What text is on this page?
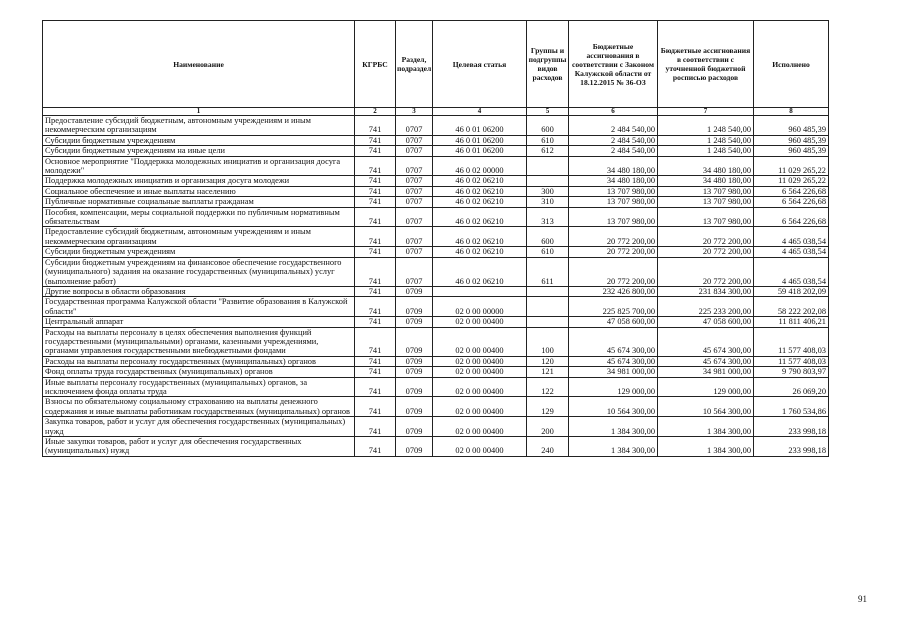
Наименование	КГРБС	Раздел, подраздел	Целевая статья	Группы и подгруппы видов расходов	Бюджетные ассигнования в соответствии с Законом Калужской области от 18.12.2015 № 36-ОЗ	Бюджетные ассигнования в соответствии с уточненной бюджетной росписью расходов	Исполнено
1	2	3	4	5	6	7	8
Предоставление субсидий бюджетным, автономным учреждениям и иным некоммерческим организациям	741	0707	46 0 01 06200	600	2 484 540,00	1 248 540,00	960 485,39
Субсидии бюджетным учреждениям	741	0707	46 0 01 06200	610	2 484 540,00	1 248 540,00	960 485,39
Субсидии бюджетным учреждениям на иные цели	741	0707	46 0 01 06200	612	2 484 540,00	1 248 540,00	960 485,39
Основное мероприятие "Поддержка молодежных инициатив и организация досуга молодежи"	741	0707	46 0 02 00000		34 480 180,00	34 480 180,00	11 029 265,22
Поддержка молодежных инициатив и организация досуга молодежи	741	0707	46 0 02 06210		34 480 180,00	34 480 180,00	11 029 265,22
Социальное обеспечение и иные выплаты населению	741	0707	46 0 02 06210	300	13 707 980,00	13 707 980,00	6 564 226,68
Публичные нормативные социальные выплаты гражданам	741	0707	46 0 02 06210	310	13 707 980,00	13 707 980,00	6 564 226,68
Пособия, компенсации, меры социальной поддержки по публичным нормативным обязательствам	741	0707	46 0 02 06210	313	13 707 980,00	13 707 980,00	6 564 226,68
Предоставление субсидий бюджетным, автономным учреждениям и иным некоммерческим организациям	741	0707	46 0 02 06210	600	20 772 200,00	20 772 200,00	4 465 038,54
Субсидии бюджетным учреждениям	741	0707	46 0 02 06210	610	20 772 200,00	20 772 200,00	4 465 038,54
Субсидии бюджетным учреждениям на финансовое обеспечение государственного (муниципального) задания на оказание государственных (муниципальных) услуг (выполнение работ)	741	0707	46 0 02 06210	611	20 772 200,00	20 772 200,00	4 465 038,54
Другие вопросы в области образования	741	0709			232 426 800,00	231 834 300,00	59 418 202,09
Государственная программа Калужской области "Развитие образования в Калужской области"	741	0709	02 0 00 00000		225 825 700,00	225 233 200,00	58 222 202,08
Центральный аппарат	741	0709	02 0 00 00400		47 058 600,00	47 058 600,00	11 811 406,21
Расходы на выплаты персоналу в целях обеспечения выполнения функций государственными (муниципальными) органами, казенными учреждениями, органами управления государственными внебюджетными фондами	741	0709	02 0 00 00400	100	45 674 300,00	45 674 300,00	11 577 408,03
Расходы на выплаты персоналу государственных (муниципальных) органов	741	0709	02 0 00 00400	120	45 674 300,00	45 674 300,00	11 577 408,03
Фонд оплаты труда государственных (муниципальных) органов	741	0709	02 0 00 00400	121	34 981 000,00	34 981 000,00	9 790 803,97
Иные выплаты персоналу государственных (муниципальных) органов, за исключением фонда оплаты труда	741	0709	02 0 00 00400	122	129 000,00	129 000,00	26 069,20
Взносы по обязательному социальному страхованию на выплаты денежного содержания и иные выплаты работникам государственных (муниципальных) органов	741	0709	02 0 00 00400	129	10 564 300,00	10 564 300,00	1 760 534,86
Закупка товаров, работ и услуг для обеспечения государственных (муниципальных) нужд	741	0709	02 0 00 00400	200	1 384 300,00	1 384 300,00	233 998,18
Иные закупки товаров, работ и услуг для обеспечения государственных (муниципальных) нужд	741	0709	02 0 00 00400	240	1 384 300,00	1 384 300,00	233 998,18
91
